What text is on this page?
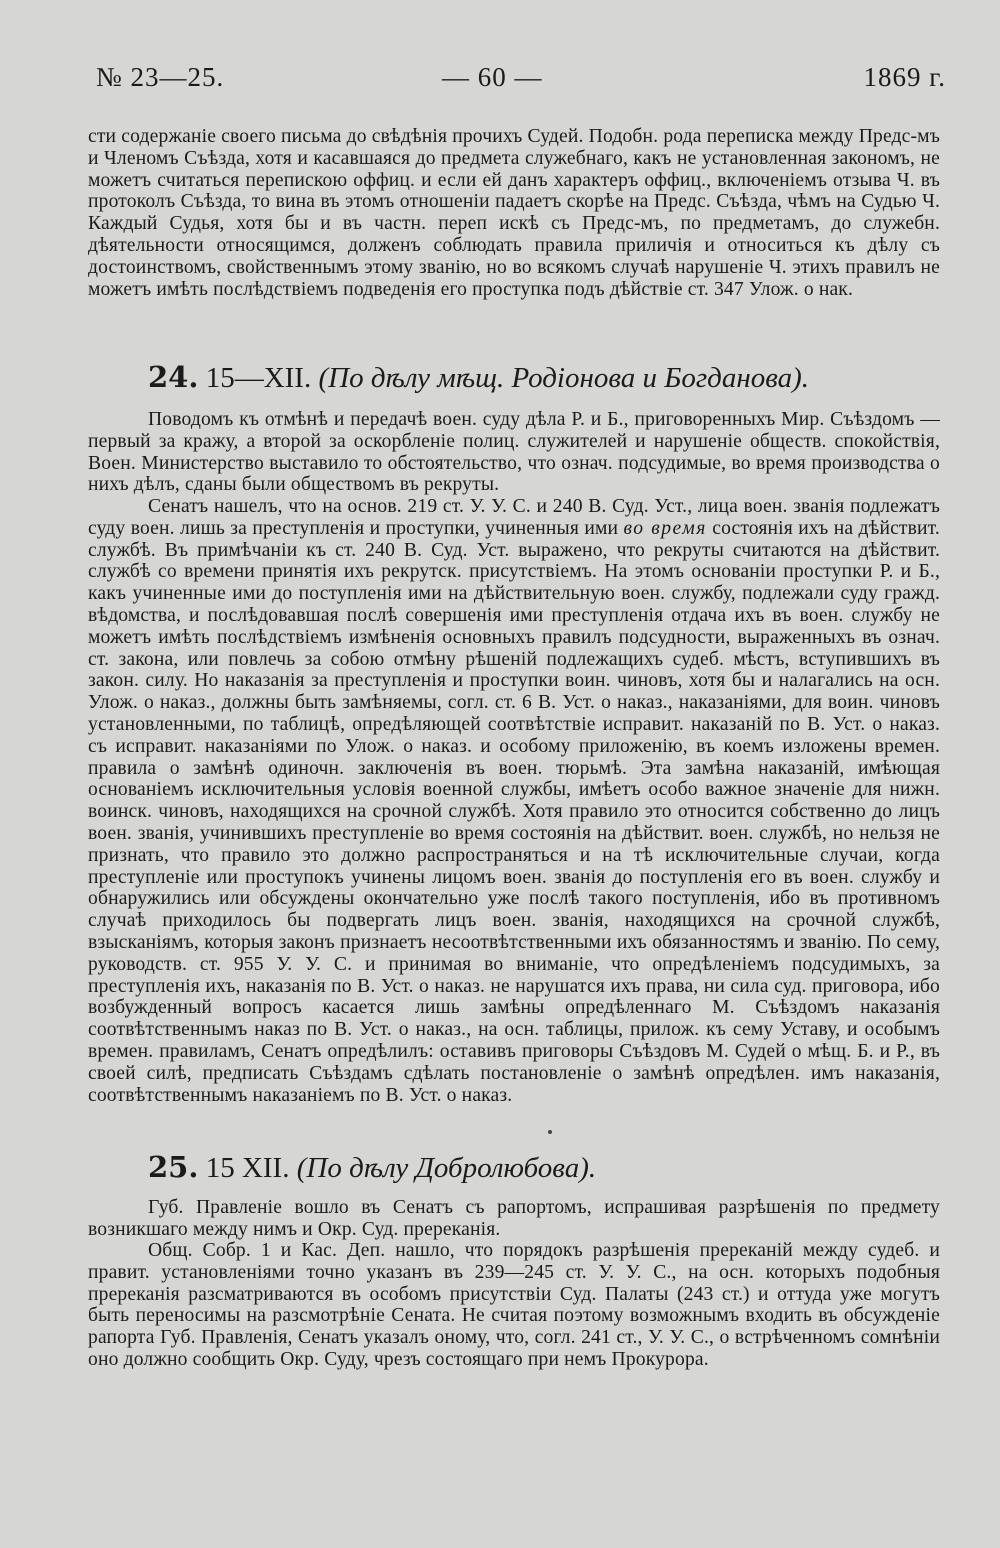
№ 23—25.	— 60 —	1869 г.

сти содержаніе своего письма до свѣдѣнія прочихъ Судей. Подобн. рода переписка между Предс-мъ и Членомъ Съѣзда, хотя и касавшаяся до предмета служебнаго, какъ не установленная закономъ, не можетъ считаться перепискою оффиц. и если ей данъ характеръ оффиц., включеніемъ отзыва Ч. въ протоколъ Съѣзда, то вина въ этомъ отношеніи падаетъ скорѣе на Предс. Съѣзда, чѣмъ на Судью Ч. Каждый Судья, хотя бы и въ частн. переп искѣ съ Предс-мъ, по предметамъ, до служебн. дѣятельности относящимся, долженъ соблюдать правила приличія и относиться къ дѣлу съ достоинствомъ, свойственнымъ этому званію, но во всякомъ случаѣ нарушеніе Ч. этихъ правилъ не можетъ имѣть послѣдствіемъ подведенія его проступка подъ дѣйствіе ст. 347 Улож. о нак.

24. 15—XII. (По дѣлу мѣщ. Родіонова и Богданова).

Поводомъ къ отмѣнѣ и передачѣ воен. суду дѣла Р. и Б., приговоренныхъ Мир. Съѣздомъ — первый за кражу, а второй за оскорбленіе полиц. служителей и нарушеніе обществ. спокойствія, Воен. Министерство выставило то обстоятельство, что означ. подсудимые, во время производства о нихъ дѣлъ, сданы были обществомъ въ рекруты.

Сенатъ нашелъ, что на основ. 219 ст. У. У. С. и 240 В. Суд. Уст., лица воен. званія подлежатъ суду воен. лишь за преступленія и проступки, учиненныя ими во время состоянія ихъ на дѣйствит. службѣ. Въ примѣчаніи къ ст. 240 В. Суд. Уст. выражено, что рекруты считаются на дѣйствит. службѣ со времени принятія ихъ рекрутск. присутствіемъ. На этомъ основаніи проступки Р. и Б., какъ учиненные ими до поступленія ими на дѣйствительную воен. службу, подлежали суду гражд. вѣдомства, и послѣдовавшая послѣ совершенія ими преступленія отдача ихъ въ воен. службу не можетъ имѣть послѣдствіемъ измѣненія основныхъ правилъ подсудности, выраженныхъ въ означ. ст. закона, или повлечь за собою отмѣну рѣшеній подлежащихъ судеб. мѣстъ, вступившихъ въ закон. силу. Но наказанія за преступленія и проступки воин. чиновъ, хотя бы и налагались на осн. Улож. о наказ., должны быть замѣняемы, согл. ст. 6 В. Уст. о наказ., наказаніями, для воин. чиновъ установленными, по таблицѣ, опредѣляющей соотвѣтствіе исправит. наказаній по В. Уст. о наказ. съ исправит. наказаніями по Улож. о наказ. и особому приложенію, въ коемъ изложены времен. правила о замѣнѣ одиночн. заключенія въ воен. тюрьмѣ. Эта замѣна наказаній, имѣющая основаніемъ исключительныя условія военной службы, имѣетъ особо важное значеніе для нижн. воинск. чиновъ, находящихся на срочной службѣ. Хотя правило это относится собственно до лицъ воен. званія, учинившихъ преступленіе во время состоянія на дѣйствит. воен. службѣ, но нельзя не признать, что правило это должно распространяться и на тѣ исключительные случаи, когда преступленіе или проступокъ учинены лицомъ воен. званія до поступленія его въ воен. службу и обнаружились или обсуждены окончательно уже послѣ такого поступленія, ибо въ противномъ случаѣ приходилось бы подвергать лицъ воен. званія, находящихся на срочной службѣ, взысканіямъ, которыя законъ признаетъ несоотвѣтственными ихъ обязанностямъ и званію. По сему, руководств. ст. 955 У. У. С. и принимая во вниманіе, что опредѣленіемъ подсудимыхъ, за преступленія ихъ, наказанія по В. Уст. о наказ. не нарушатся ихъ права, ни сила суд. приговора, ибо возбужденный вопросъ касается лишь замѣны опредѣленнаго М. Съѣздомъ наказанія соотвѣтственнымъ наказ по В. Уст. о наказ., на осн. таблицы, прилож. къ сему Уставу, и особымъ времен. правиламъ, Сенатъ опредѣлилъ: оставивъ приговоры Съѣздовъ М. Судей о мѣщ. Б. и Р., въ своей силѣ, предписать Съѣздамъ сдѣлать постановленіе о замѣнѣ опредѣлен. имъ наказанія, соотвѣтственнымъ наказаніемъ по В. Уст. о наказ.

25. 15 XII. (По дѣлу Добролюбова).

Губ. Правленіе вошло въ Сенатъ съ рапортомъ, испрашивая разрѣшенія по предмету возникшаго между нимъ и Окр. Суд. пререканія.

Общ. Собр. 1 и Кас. Деп. нашло, что порядокъ разрѣшенія пререканій между судеб. и правит. установленіями точно указанъ въ 239—245 ст. У. У. С., на осн. которыхъ подобныя пререканія разсматриваются въ особомъ присутствіи Суд. Палаты (243 ст.) и оттуда уже могутъ быть переносимы на разсмотрѣніе Сената. Не считая поэтому возможнымъ входить въ обсужденіе рапорта Губ. Правленія, Сенатъ указалъ оному, что, согл. 241 ст., У. У. С., о встрѣченномъ сомнѣніи оно должно сообщить Окр. Суду, чрезъ состоящаго при немъ Прокурора.
